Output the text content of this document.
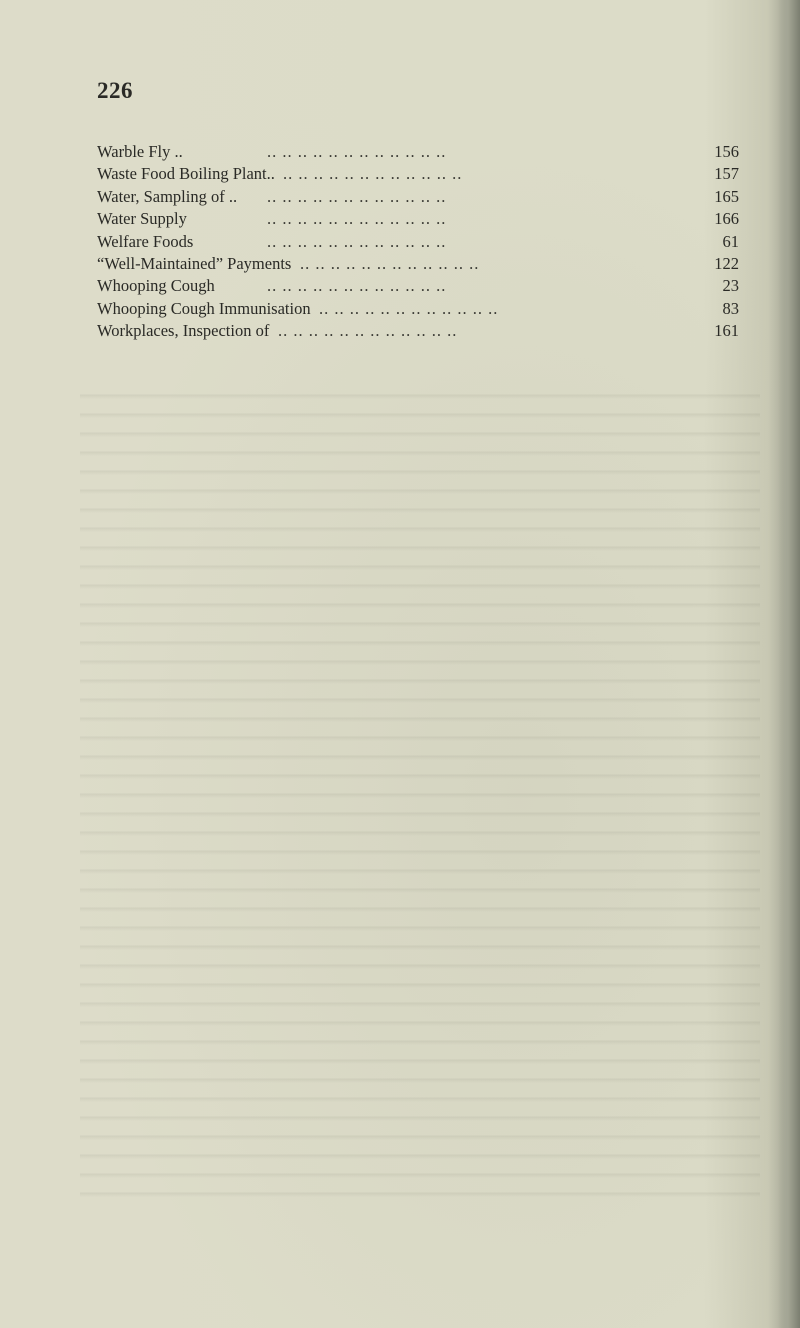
226
.. .. .. .. .. .. .. .. .. .. .. ..
Warble Fly ..	156
.. .. .. .. .. .. .. .. .. .. .. ..
Waste Food Boiling Plant..	157
.. .. .. .. .. .. .. .. .. .. .. ..
Water, Sampling of ..	165
.. .. .. .. .. .. .. .. .. .. .. ..
Water Supply	166
.. .. .. .. .. .. .. .. .. .. .. ..
Welfare Foods	61
.. .. .. .. .. .. .. .. .. .. .. ..
“Well-Maintained” Payments	122
.. .. .. .. .. .. .. .. .. .. .. ..
Whooping Cough	23
.. .. .. .. .. .. .. .. .. .. .. ..
Whooping Cough Immunisation	83
.. .. .. .. .. .. .. .. .. .. .. ..
Workplaces, Inspection of	161
